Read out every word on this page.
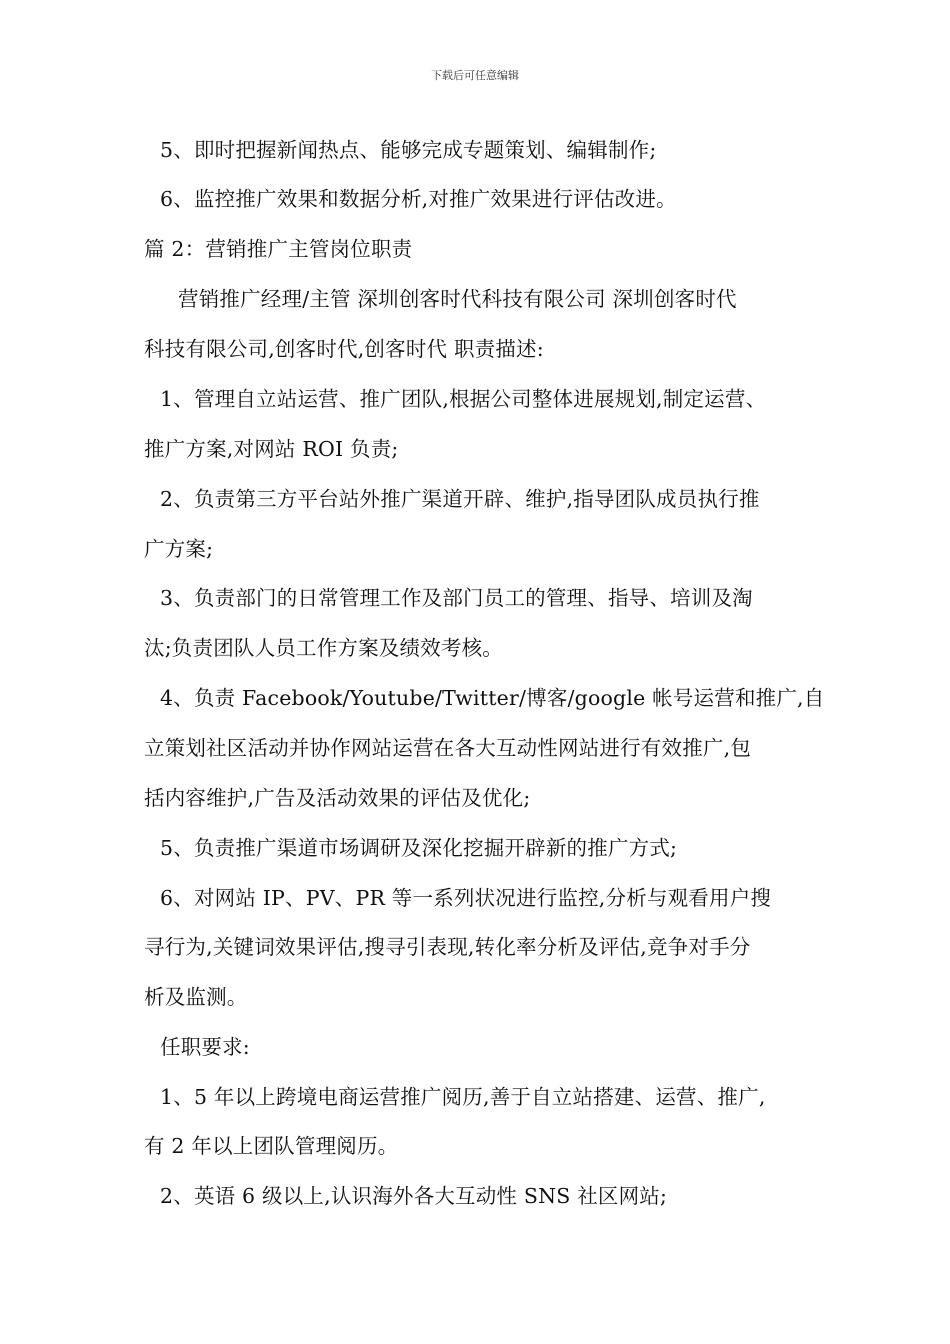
下载后可任意编辑
5、即时把握新闻热点、能够完成专题策划、编辑制作;
6、监控推广效果和数据分析,对推广效果进行评估改进。
篇 2：营销推广主管岗位职责
营销推广经理/主管 深圳创客时代科技有限公司 深圳创客时代
科技有限公司,创客时代,创客时代 职责描述:
1、管理自立站运营、推广团队,根据公司整体进展规划,制定运营、
推广方案,对网站 ROI 负责;
2、负责第三方平台站外推广渠道开辟、维护,指导团队成员执行推
广方案;
3、负责部门的日常管理工作及部门员工的管理、指导、培训及淘
汰;负责团队人员工作方案及绩效考核。
4、负责 Facebook/Youtube/Twitter/博客/google 帐号运营和推广,自
立策划社区活动并协作网站运营在各大互动性网站进行有效推广,包
括内容维护,广告及活动效果的评估及优化;
5、负责推广渠道市场调研及深化挖掘开辟新的推广方式;
6、对网站 IP、PV、PR 等一系列状况进行监控,分析与观看用户搜
寻行为,关键词效果评估,搜寻引表现,转化率分析及评估,竞争对手分
析及监测。
任职要求:
1、5 年以上跨境电商运营推广阅历,善于自立站搭建、运营、推广,
有 2 年以上团队管理阅历。
2、英语 6 级以上,认识海外各大互动性 SNS 社区网站;
